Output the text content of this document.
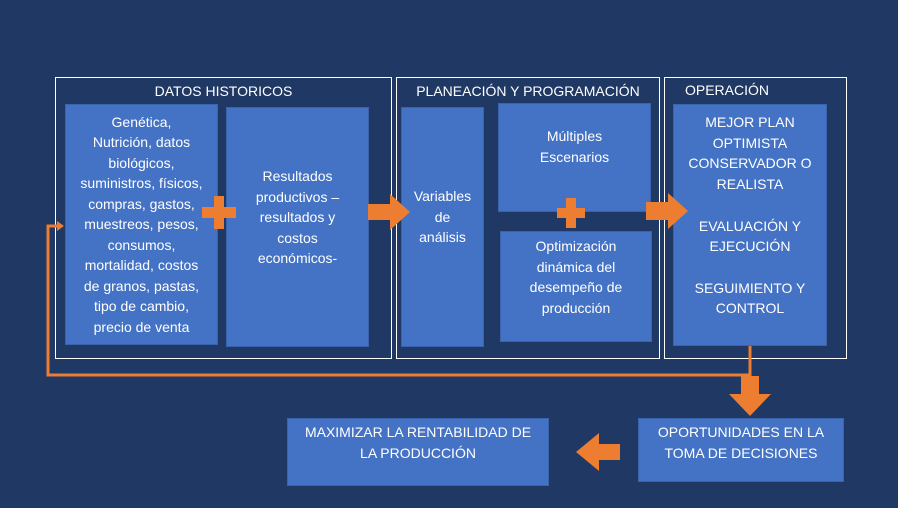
DATOS HISTORICOS	PLANEACIÓN Y PROGRAMACIÓN	OPERACIÓN
Genética,
Nutrición, datos
biológicos,
suministros, físicos,
compras, gastos,
muestreos, pesos,
consumos,
mortalidad, costos
de granos, pastas,
tipo de cambio,
precio de venta
Resultados
productivos –
resultados y
costos
económicos-
Variables
de
análisis
Múltiples
Escenarios
Optimización
dinámica del
desempeño de
producción
MEJOR PLAN
OPTIMISTA
CONSERVADOR O
REALISTA

EVALUACIÓN Y
EJECUCIÓN

SEGUIMIENTO Y
CONTROL
OPORTUNIDADES EN LA
TOMA DE DECISIONES
MAXIMIZAR LA RENTABILIDAD DE
LA PRODUCCIÓN
